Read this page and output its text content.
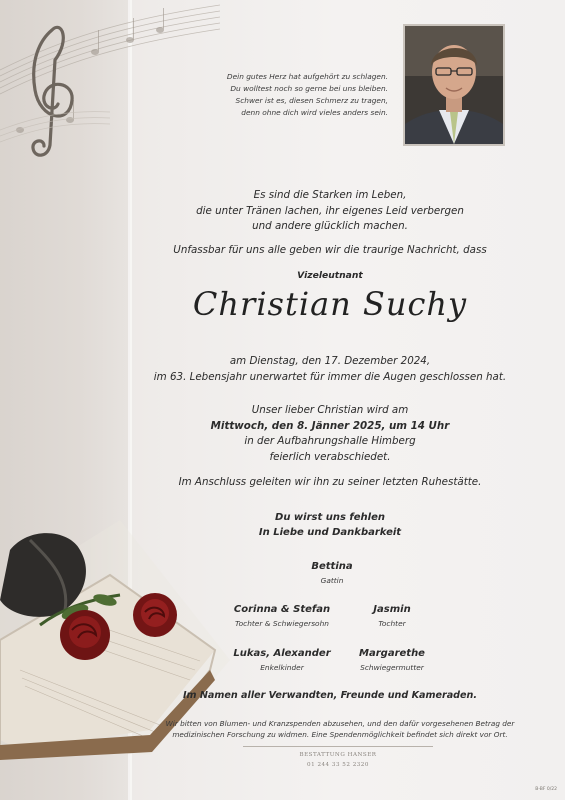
Dein gutes Herz hat aufgehört zu schlagen.
Du wolltest noch so gerne bei uns bleiben.
Schwer ist es, diesen Schmerz zu tragen,
denn ohne dich wird vieles anders sein.
Es sind die Starken im Leben,
die unter Tränen lachen, ihr eigenes Leid verbergen
und andere glücklich machen.
Unfassbar für uns alle geben wir die traurige Nachricht, dass
Vizeleutnant
Christian Suchy
am Dienstag, den 17. Dezember 2024,
im 63. Lebensjahr unerwartet für immer die Augen geschlossen hat.
Unser lieber Christian wird am
Mittwoch, den 8. Jänner 2025, um 14 Uhr
in der Aufbahrungshalle Himberg
feierlich verabschiedet.
Im Anschluss geleiten wir ihn zu seiner letzten Ruhestätte.
Du wirst uns fehlen
In Liebe und Dankbarkeit
Bettina
Gattin
Corinna & Stefan
Tochter & Schwiegersohn
Jasmin
Tochter
Lukas, Alexander
Enkelkinder
Margarethe
Schwiegermutter
Im Namen aller Verwandten, Freunde und Kameraden.
Wir bitten von Blumen- und Kranzspenden abzusehen, und den dafür vorgesehenen Betrag der
medizinischen Forschung zu widmen. Eine Spendenmöglichkeit befindet sich direkt vor Ort.
BESTATTUNG HANSER
01 244 33 52 2320
B-BF 0/22
